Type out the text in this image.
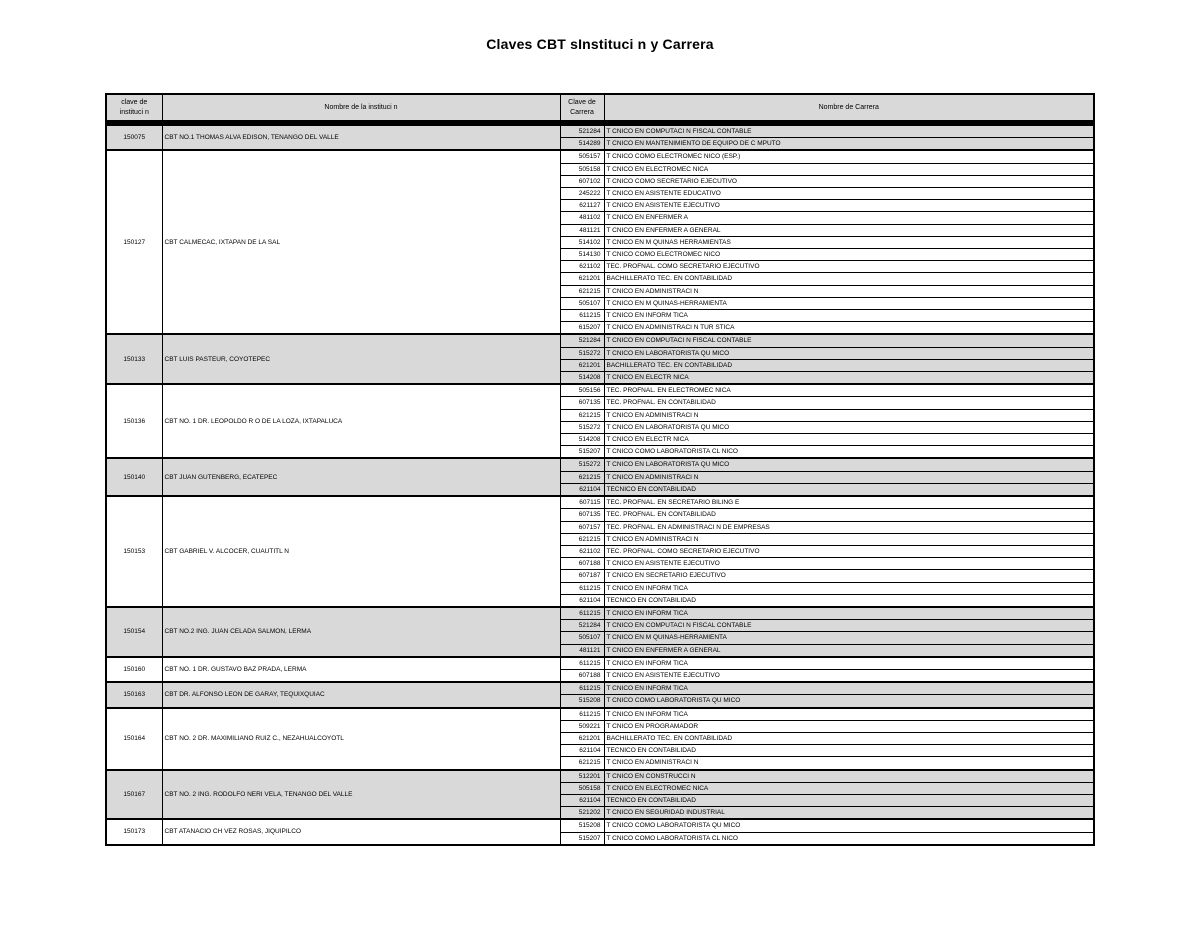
Claves CBT sInstituci n y Carrera
clave de instituci n	Nombre de la instituci n	Clave de Carrera	Nombre de Carrera
150075	CBT NO.1 THOMAS ALVA EDISON, TENANGO DEL VALLE	521284	T CNICO EN COMPUTACI N FISCAL CONTABLE
		514289	T CNICO EN MANTENIMIENTO DE EQUIPO DE C MPUTO
150127	CBT CALMECAC, IXTAPAN DE LA SAL	505157	T CNICO COMO ELECTROMEC NICO (ESP.)
		505158	T CNICO EN ELECTROMEC NICA
		607102	T CNICO COMO SECRETARIO EJECUTIVO
		245222	T CNICO EN ASISTENTE EDUCATIVO
		621127	T CNICO EN ASISTENTE EJECUTIVO
		481102	T CNICO EN ENFERMER A
		481121	T CNICO EN ENFERMER A GENERAL
		514102	T CNICO EN M QUINAS HERRAMIENTAS
		514130	T CNICO COMO ELECTROMEC NICO
		621102	TEC. PROFNAL. COMO SECRETARIO EJECUTIVO
		621201	BACHILLERATO TEC. EN CONTABILIDAD
		621215	T CNICO EN ADMINISTRACI N
		505107	T CNICO EN M QUINAS-HERRAMIENTA
		611215	T CNICO EN INFORM TICA
		615207	T CNICO EN ADMINISTRACI N TUR STICA
150133	CBT LUIS PASTEUR, COYOTEPEC	521284	T CNICO EN COMPUTACI N FISCAL CONTABLE
		515272	T CNICO EN LABORATORISTA QU MICO
		621201	BACHILLERATO TEC. EN CONTABILIDAD
		514208	T CNICO EN ELECTR NICA
150136	CBT NO. 1 DR. LEOPOLDO R O DE LA LOZA, IXTAPALUCA	505156	TEC. PROFNAL. EN ELECTROMEC NICA
		607135	TEC. PROFNAL. EN CONTABILIDAD
		621215	T CNICO EN ADMINISTRACI N
		515272	T CNICO EN LABORATORISTA QU MICO
		514208	T CNICO EN ELECTR NICA
		515207	T CNICO COMO LABORATORISTA CL NICO
150140	CBT JUAN GUTENBERG, ECATEPEC	515272	T CNICO EN LABORATORISTA QU MICO
		621215	T CNICO EN ADMINISTRACI N
		621104	TECNICO EN CONTABILIDAD
150153	CBT GABRIEL V. ALCOCER, CUAUTITL N	607115	TEC. PROFNAL. EN SECRETARIO BILING E
		607135	TEC. PROFNAL. EN CONTABILIDAD
		607157	TEC. PROFNAL. EN ADMINISTRACI N DE EMPRESAS
		621215	T CNICO EN ADMINISTRACI N
		621102	TEC. PROFNAL. COMO SECRETARIO EJECUTIVO
		607188	T CNICO EN ASISTENTE EJECUTIVO
		607187	T CNICO EN SECRETARIO EJECUTIVO
		611215	T CNICO EN INFORM TICA
		621104	TECNICO EN CONTABILIDAD
150154	CBT NO.2 ING. JUAN CELADA SALMON, LERMA	611215	T CNICO EN INFORM TICA
		521284	T CNICO EN COMPUTACI N FISCAL CONTABLE
		505107	T CNICO EN M QUINAS-HERRAMIENTA
		481121	T CNICO EN ENFERMER A GENERAL
150160	CBT NO. 1 DR. GUSTAVO BAZ PRADA, LERMA	611215	T CNICO EN INFORM TICA
		607188	T CNICO EN ASISTENTE EJECUTIVO
150163	CBT DR. ALFONSO LEON DE GARAY, TEQUIXQUIAC	611215	T CNICO EN INFORM TICA
		515208	T CNICO COMO LABORATORISTA QU MICO
150164	CBT NO. 2 DR. MAXIMILIANO RUIZ C., NEZAHUALCOYOTL	611215	T CNICO EN INFORM TICA
		509221	T CNICO EN PROGRAMADOR
		621201	BACHILLERATO TEC. EN CONTABILIDAD
		621104	TECNICO EN CONTABILIDAD
		621215	T CNICO EN ADMINISTRACI N
150167	CBT NO. 2 ING. RODOLFO NERI VELA, TENANGO DEL VALLE	512201	T CNICO EN CONSTRUCCI N
		505158	T CNICO EN ELECTROMEC NICA
		621104	TECNICO EN CONTABILIDAD
		521202	T CNICO EN SEGURIDAD INDUSTRIAL
150173	CBT ATANACIO CH VEZ ROSAS, JIQUIPILCO	515208	T CNICO COMO LABORATORISTA QU MICO
		515207	T CNICO COMO LABORATORISTA CL NICO
